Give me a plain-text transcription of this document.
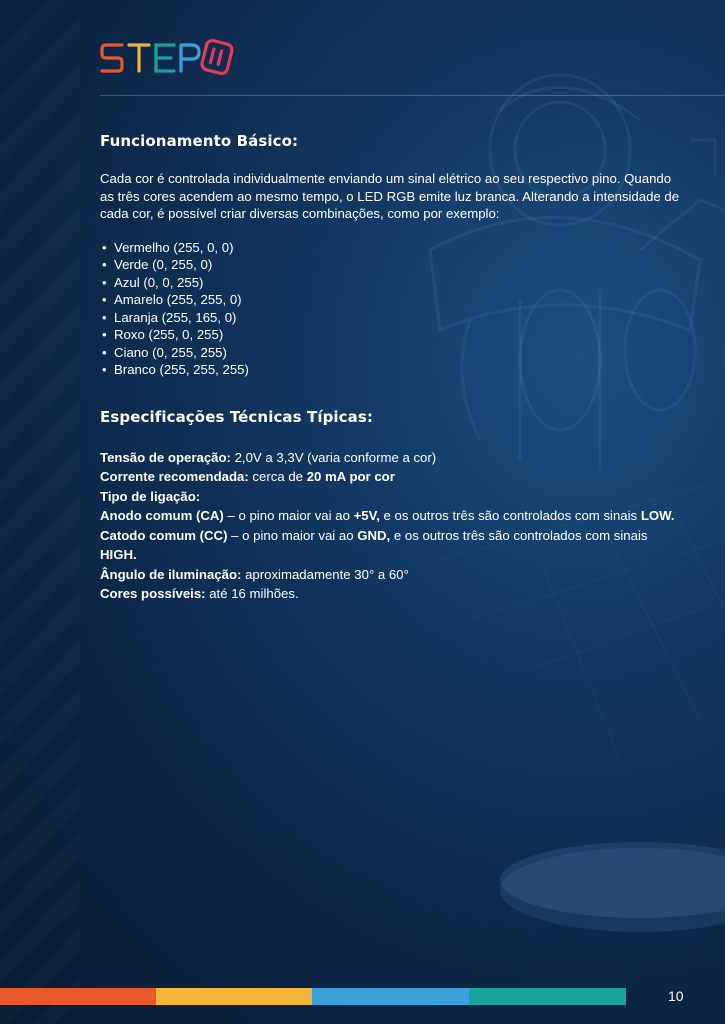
Funcionamento Básico:

Cada cor é controlada individualmente enviando um sinal elétrico ao seu respectivo pino. Quando as três cores acendem ao mesmo tempo, o LED RGB emite luz branca. Alterando a intensidade de cada cor, é possível criar diversas combinações, como por exemplo:

• Vermelho (255, 0, 0)
• Verde (0, 255, 0)
• Azul (0, 0, 255)
• Amarelo (255, 255, 0)
• Laranja (255, 165, 0)
• Roxo (255, 0, 255)
• Ciano (0, 255, 255)
• Branco (255, 255, 255)
Especificações Técnicas Típicas:
Tensão de operação: 2,0V a 3,3V (varia conforme a cor)
Corrente recomendada: cerca de 20 mA por cor
Tipo de ligação:
Anodo comum (CA) – o pino maior vai ao +5V, e os outros três são controlados com sinais LOW.
Catodo comum (CC) – o pino maior vai ao GND, e os outros três são controlados com sinais HIGH.
Ângulo de iluminação: aproximadamente 30° a 60°
Cores possíveis: até 16 milhões.
10
